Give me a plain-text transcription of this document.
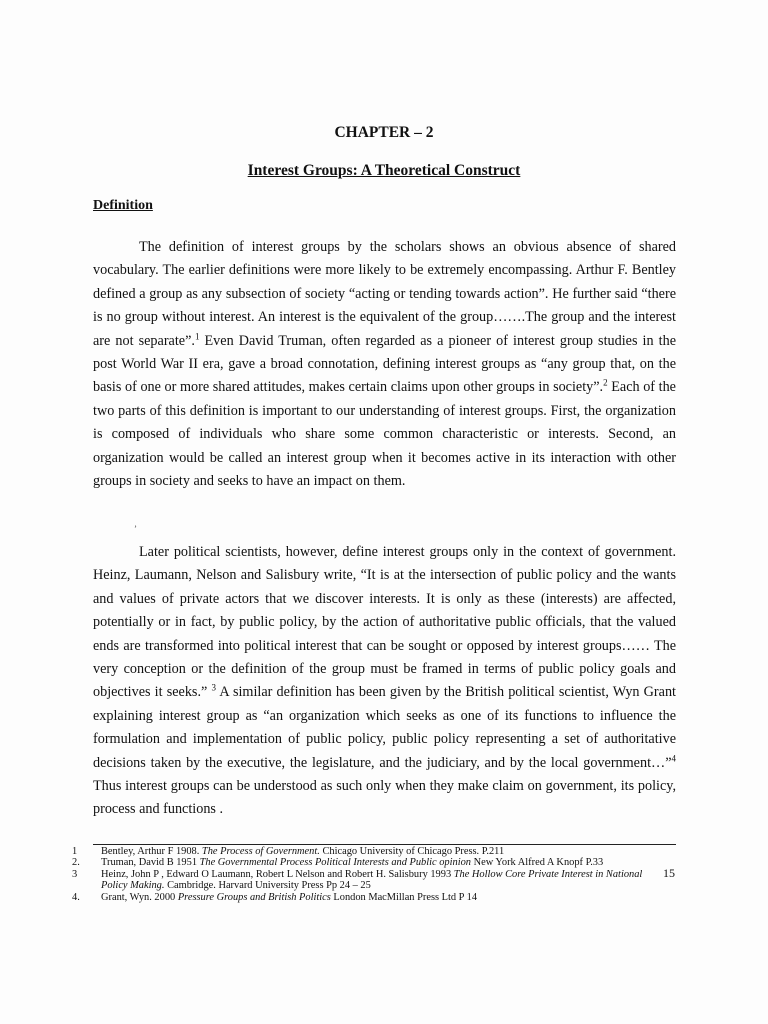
CHAPTER – 2
Interest Groups: A Theoretical Construct
Definition

The definition of interest groups by the scholars shows an obvious absence of shared vocabulary. The earlier definitions were more likely to be extremely encompassing. Arthur F. Bentley defined a group as any subsection of society “acting or tending towards action”. He further said “there is no group without interest. An interest is the equivalent of the group…….The group and the interest are not separate”.$^1$ Even David Truman, often regarded as a pioneer of interest group studies in the post World War II era, gave a broad connotation, defining interest groups as “any group that, on the basis of one or more shared attitudes, makes certain claims upon other groups in society”.$^2$ Each of the two parts of this definition is important to our understanding of interest groups. First, the organization is composed of individuals who share some common characteristic or interests. Second, an organization would be called an interest group when it becomes active in its interaction with other groups in society and seeks to have an impact on them.

ʼ

Later political scientists, however, define interest groups only in the context of government. Heinz, Laumann, Nelson and Salisbury write, “It is at the intersection of public policy and the wants and values of private actors that we discover interests. It is only as these (interests) are affected, potentially or in fact, by public policy, by the action of authoritative public officials, that the valued ends are transformed into political interest that can be sought or opposed by interest groups…… The very conception or the definition of the group must be framed in terms of public policy goals and objectives it seeks.” $^3$ A similar definition has been given by the British political scientist, Wyn Grant explaining interest group as “an organization which seeks as one of its functions to influence the formulation and implementation of public policy, public policy representing a set of authoritative decisions taken by the executive, the legislature, and the judiciary, and by the local government…”$^4$ Thus interest groups can be understood as such only when they make claim on government, its policy, process and functions .

1	Bentley, Arthur F 1908. The Process of Government. Chicago University of Chicago Press. P.211
2.	Truman, David B 1951 The Governmental Process Political Interests and Public opinion New York Alfred A Knopf P.33
3	Heinz, John P , Edward O Laumann, Robert L Nelson and Robert H. Salisbury 1993 The Hollow Core Private Interest in National Policy Making. Cambridge. Harvard University Press Pp 24 – 25
4.	Grant, Wyn. 2000 Pressure Groups and British Politics London MacMillan Press Ltd P 14
15
